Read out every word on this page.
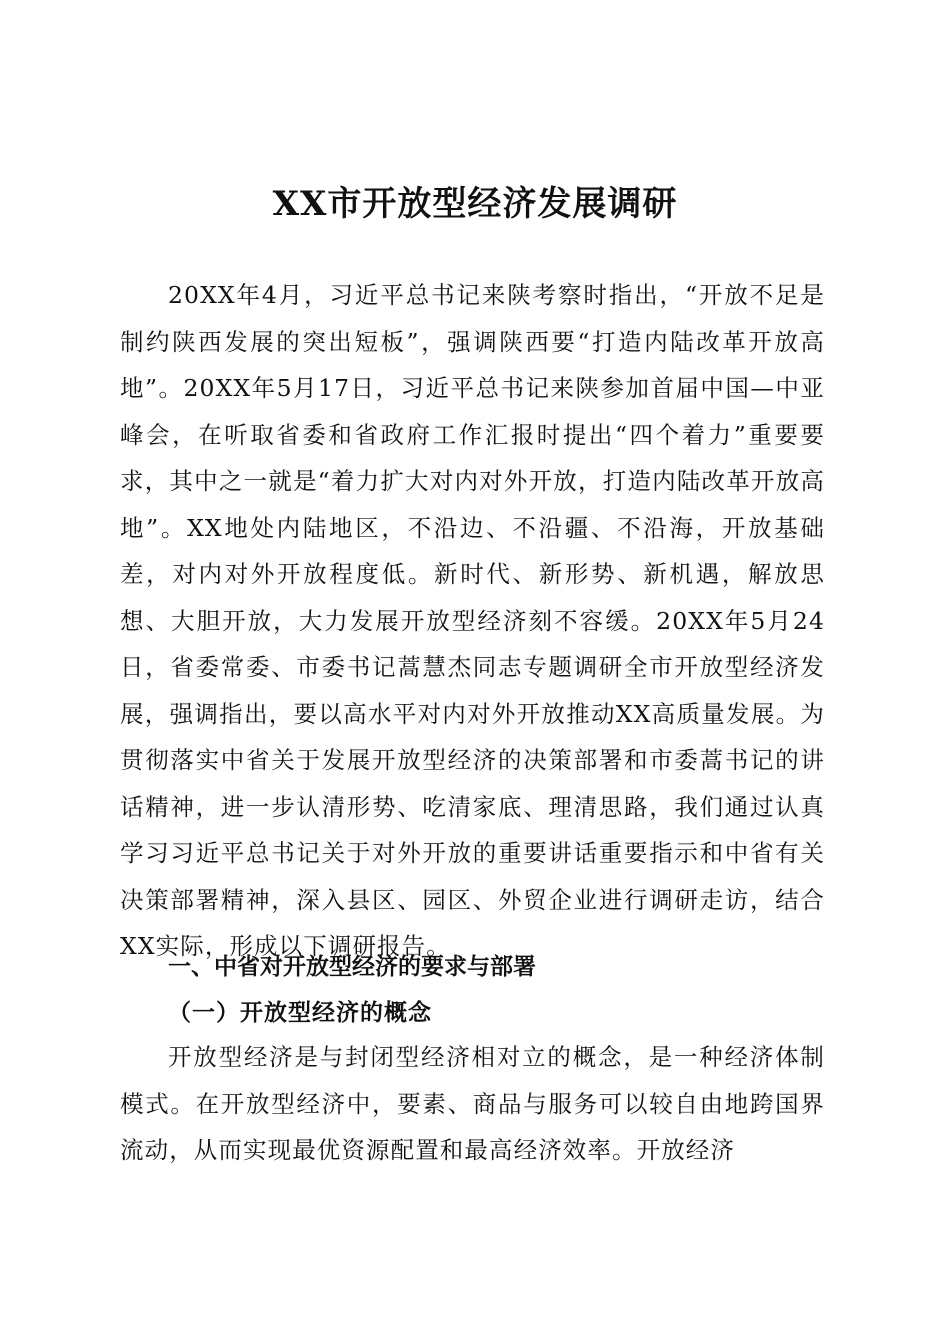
XX市开放型经济发展调研

20XX年4月，习近平总书记来陕考察时指出，“开放不足是制约陕西发展的突出短板”，强调陕西要“打造内陆改革开放高地”。20XX年5月17日，习近平总书记来陕参加首届中国—中亚峰会，在听取省委和省政府工作汇报时提出“四个着力”重要要求，其中之一就是“着力扩大对内对外开放，打造内陆改革开放高地”。XX地处内陆地区，不沿边、不沿疆、不沿海，开放基础差，对内对外开放程度低。新时代、新形势、新机遇，解放思想、大胆开放，大力发展开放型经济刻不容缓。20XX年5月24日，省委常委、市委书记蒿慧杰同志专题调研全市开放型经济发展，强调指出，要以高水平对内对外开放推动XX高质量发展。为贯彻落实中省关于发展开放型经济的决策部署和市委蒿书记的讲话精神，进一步认清形势、吃清家底、理清思路，我们通过认真学习习近平总书记关于对外开放的重要讲话重要指示和中省有关决策部署精神，深入县区、园区、外贸企业进行调研走访，结合XX实际，形成以下调研报告。

一、中省对开放型经济的要求与部署
（一）开放型经济的概念

开放型经济是与封闭型经济相对立的概念，是一种经济体制模式。在开放型经济中，要素、商品与服务可以较自由地跨国界流动，从而实现最优资源配置和最高经济效率。开放经济
